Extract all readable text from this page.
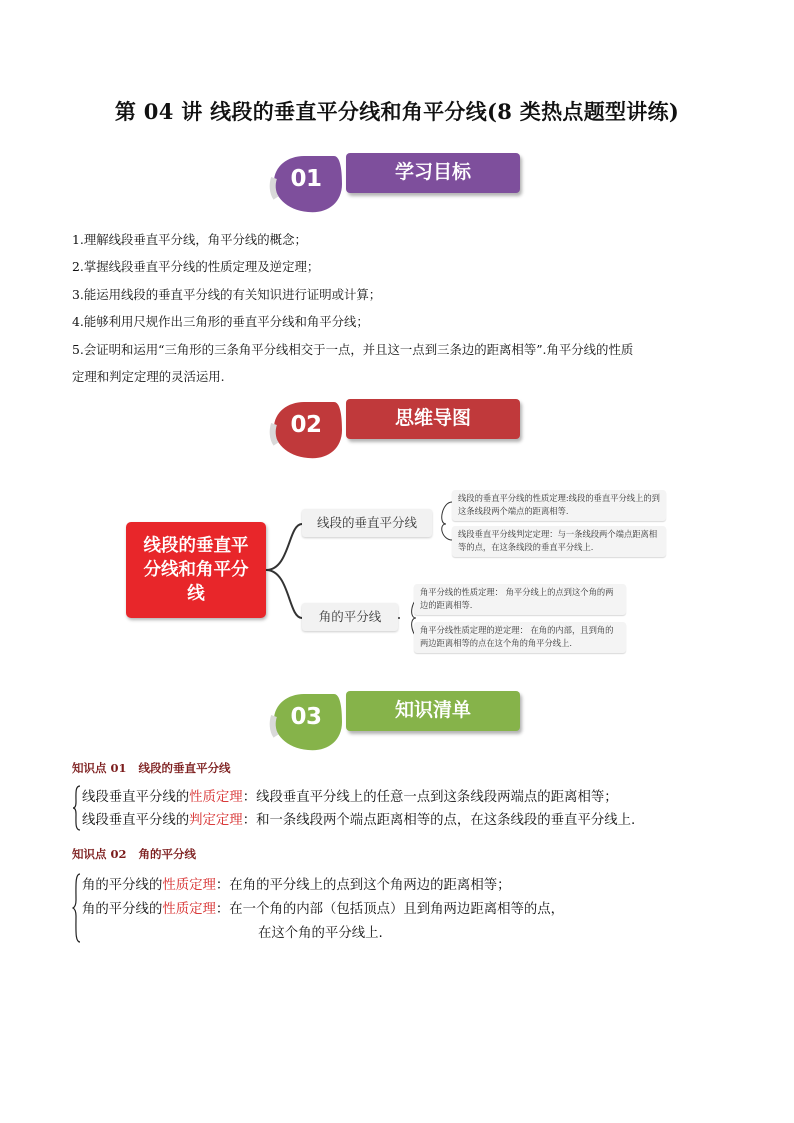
第 04 讲 线段的垂直平分线和角平分线(8 类热点题型讲练)
01	学习目标
1.理解线段垂直平分线，角平分线的概念；
2.掌握线段垂直平分线的性质定理及逆定理；
3.能运用线段的垂直平分线的有关知识进行证明或计算；
4.能够利用尺规作出三角形的垂直平分线和角平分线；
5.会证明和运用“三角形的三条角平分线相交于一点，并且这一点到三条边的距离相等”.角平分线的性质
定理和判定定理的灵活运用.
02	思维导图
线段的垂直平分线和角平分线
线段的垂直平分线
角的平分线
线段的垂直平分线的性质定理:线段的垂直平分线上的到这条线段两个端点的距离相等.
线段垂直平分线判定定理：与一条线段两个端点距离相等的点，在这条线段的垂直平分线上.
角平分线的性质定理： 角平分线上的点到这个角的两边的距离相等.
角平分线性质定理的逆定理： 在角的内部，且到角的两边距离相等的点在这个角的角平分线上.
03	知识清单
知识点 01 线段的垂直平分线
线段垂直平分线的性质定理：线段垂直平分线上的任意一点到这条线段两端点的距离相等；
线段垂直平分线的判定定理：和一条线段两个端点距离相等的点，在这条线段的垂直平分线上.
知识点 02 角的平分线
角的平分线的性质定理：在角的平分线上的点到这个角两边的距离相等；
角的平分线的性质定理：在一个角的内部（包括顶点）且到角两边距离相等的点，
在这个角的平分线上.
